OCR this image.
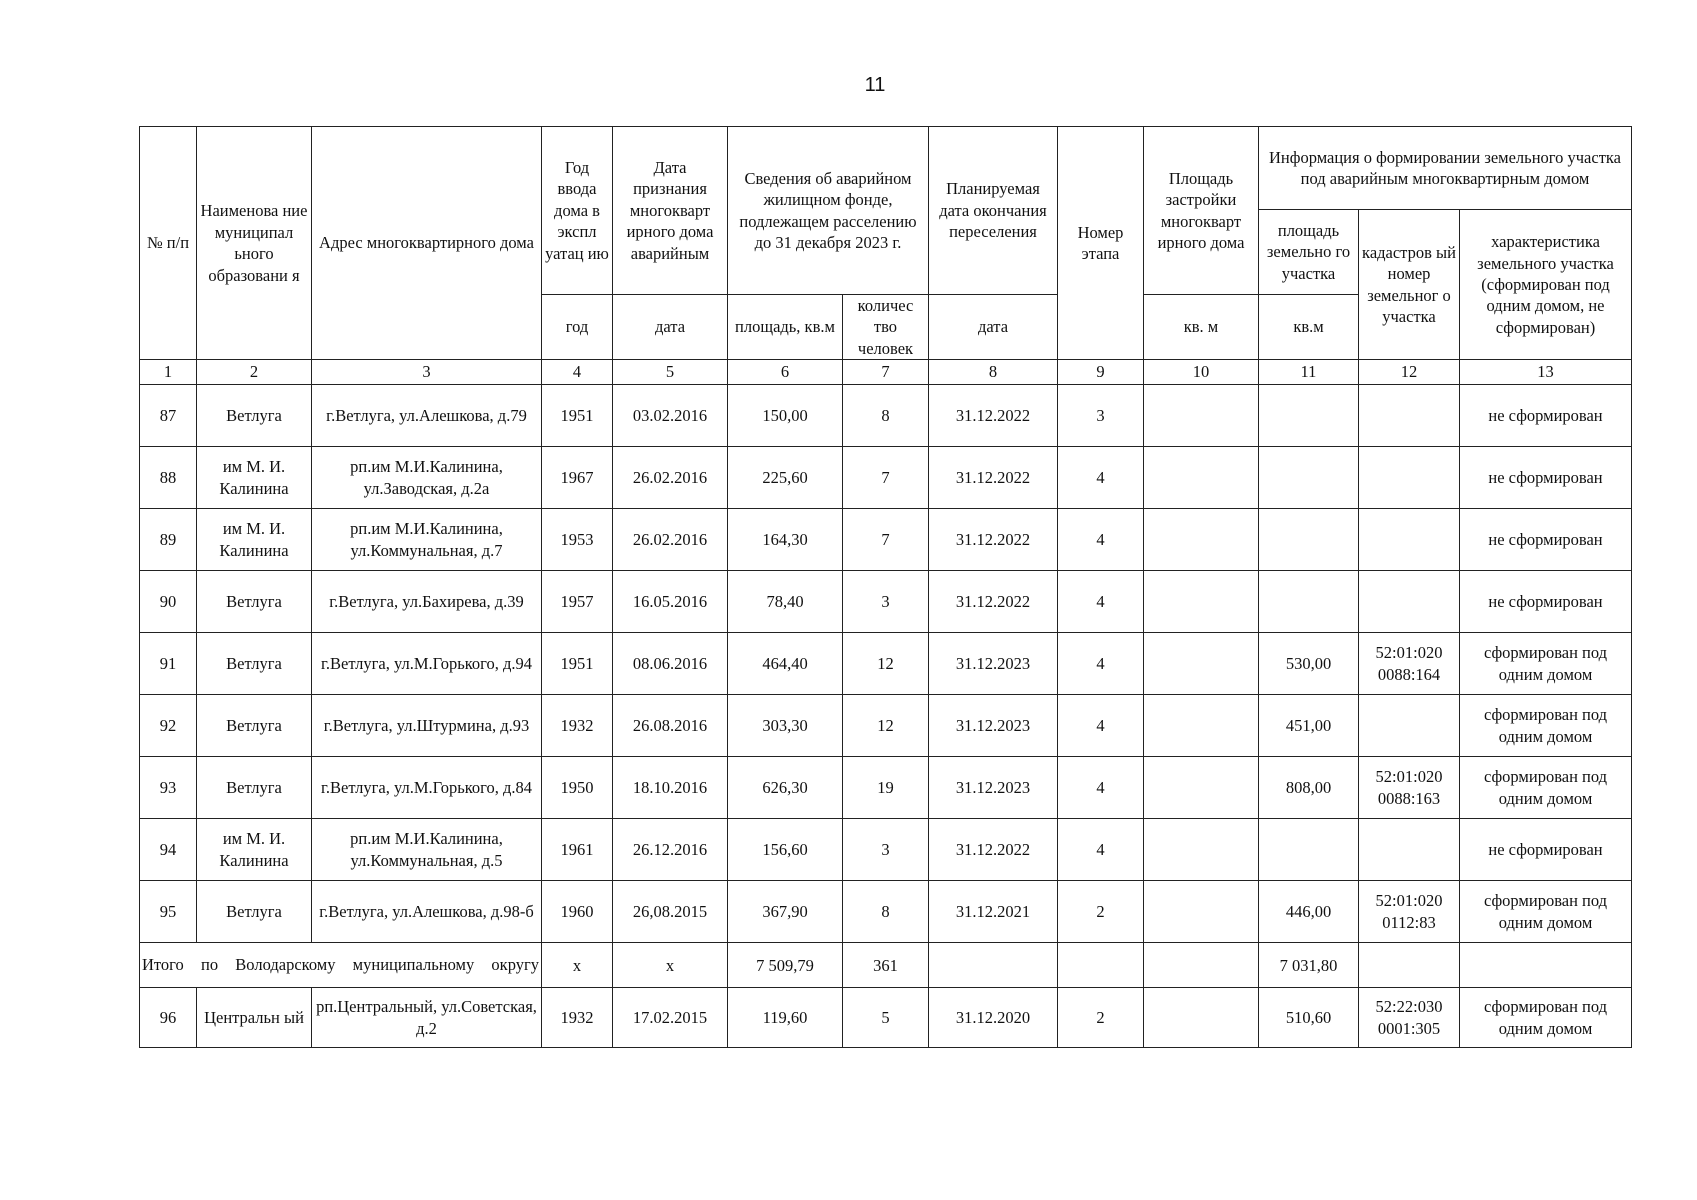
11
№ п/п	Наименова ние муниципал ьного образовани я	Адрес многоквартирного дома	Год ввода дома в экспл уатац ию	Дата признания многокварт ирного дома аварийным	Сведения об аварийном жилищном фонде, подлежащем расселению до 31 декабря 2023 г.		Планируемая дата окончания переселения	Номер этапа	Площадь застройки многокварт ирного дома	Информация о формировании земельного участка под аварийным многоквартирным домом		
										площадь земельно го участка	кадастров ый номер земельног о участка	характеристика земельного участка (сформирован под одним домом, не сформирован)
			год	дата	площадь, кв.м	количес тво человек	дата		кв. м	кв.м		
1	2	3	4	5	6	7	8	9	10	11	12	13
87	Ветлуга	г.Ветлуга, ул.Алешкова, д.79	1951	03.02.2016	150,00	8	31.12.2022	3				не сформирован
88	им М. И. Калинина	рп.им М.И.Калинина, ул.Заводская, д.2а	1967	26.02.2016	225,60	7	31.12.2022	4				не сформирован
89	им М. И. Калинина	рп.им М.И.Калинина, ул.Коммунальная, д.7	1953	26.02.2016	164,30	7	31.12.2022	4				не сформирован
90	Ветлуга	г.Ветлуга, ул.Бахирева, д.39	1957	16.05.2016	78,40	3	31.12.2022	4				не сформирован
91	Ветлуга	г.Ветлуга, ул.М.Горького, д.94	1951	08.06.2016	464,40	12	31.12.2023	4		530,00	52:01:020 0088:164	сформирован под одним домом
92	Ветлуга	г.Ветлуга, ул.Штурмина, д.93	1932	26.08.2016	303,30	12	31.12.2023	4		451,00		сформирован под одним домом
93	Ветлуга	г.Ветлуга, ул.М.Горького, д.84	1950	18.10.2016	626,30	19	31.12.2023	4		808,00	52:01:020 0088:163	сформирован под одним домом
94	им М. И. Калинина	рп.им М.И.Калинина, ул.Коммунальная, д.5	1961	26.12.2016	156,60	3	31.12.2022	4				не сформирован
95	Ветлуга	г.Ветлуга, ул.Алешкова, д.98-б	1960	26,08.2015	367,90	8	31.12.2021	2		446,00	52:01:020 0112:83	сформирован под одним домом
Итого по Володарскому муниципальному округу			х	х	7 509,79	361				7 031,80		
96	Центральн ый	рп.Центральный, ул.Советская, д.2	1932	17.02.2015	119,60	5	31.12.2020	2		510,60	52:22:030 0001:305	сформирован под одним домом
